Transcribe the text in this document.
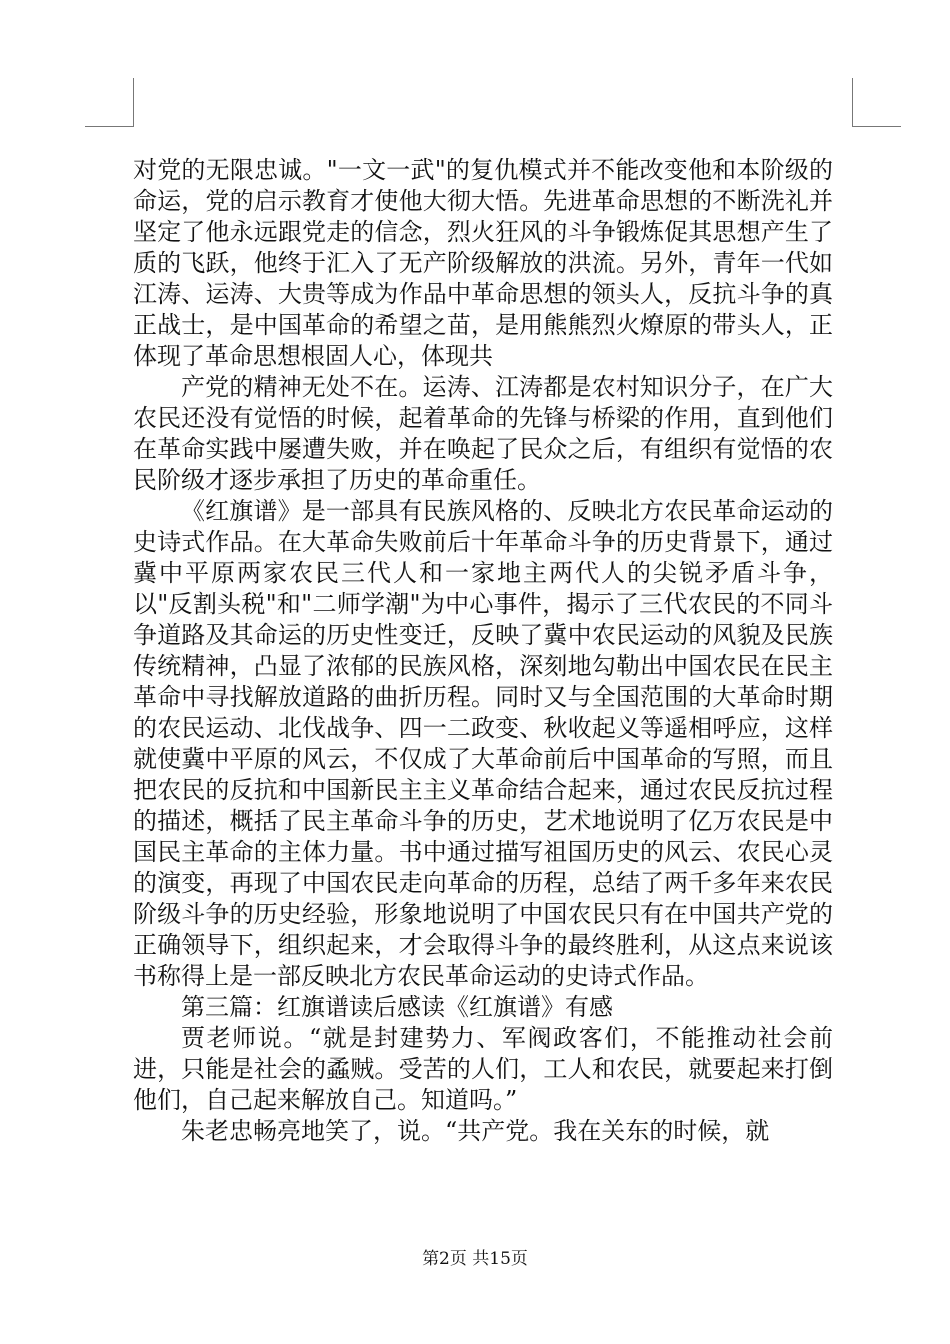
对党的无限忠诚。"一文一武"的复仇模式并不能改变他和本阶级的命运，党的启示教育才使他大彻大悟。先进革命思想的不断洗礼并坚定了他永远跟党走的信念，烈火狂风的斗争锻炼促其思想产生了质的飞跃，他终于汇入了无产阶级解放的洪流。另外，青年一代如江涛、运涛、大贵等成为作品中革命思想的领头人，反抗斗争的真正战士，是中国革命的希望之苗，是用熊熊烈火燎原的带头人，正体现了革命思想根固人心，体现共

产党的精神无处不在。运涛、江涛都是农村知识分子，在广大农民还没有觉悟的时候，起着革命的先锋与桥梁的作用，直到他们在革命实践中屡遭失败，并在唤起了民众之后，有组织有觉悟的农民阶级才逐步承担了历史的革命重任。

《红旗谱》是一部具有民族风格的、反映北方农民革命运动的史诗式作品。在大革命失败前后十年革命斗争的历史背景下，通过冀中平原两家农民三代人和一家地主两代人的尖锐矛盾斗争，以"反割头税"和"二师学潮"为中心事件，揭示了三代农民的不同斗争道路及其命运的历史性变迁，反映了冀中农民运动的风貌及民族传统精神，凸显了浓郁的民族风格，深刻地勾勒出中国农民在民主革命中寻找解放道路的曲折历程。同时又与全国范围的大革命时期的农民运动、北伐战争、四一二政变、秋收起义等遥相呼应，这样就使冀中平原的风云，不仅成了大革命前后中国革命的写照，而且把农民的反抗和中国新民主主义革命结合起来，通过农民反抗过程的描述，概括了民主革命斗争的历史，艺术地说明了亿万农民是中国民主革命的主体力量。书中通过描写祖国历史的风云、农民心灵的演变，再现了中国农民走向革命的历程，总结了两千多年来农民阶级斗争的历史经验，形象地说明了中国农民只有在中国共产党的正确领导下，组织起来，才会取得斗争的最终胜利，从这点来说该书称得上是一部反映北方农民革命运动的史诗式作品。

第三篇：红旗谱读后感读《红旗谱》有感

贾老师说。“就是封建势力、军阀政客们，不能推动社会前进，只能是社会的蟊贼。受苦的人们，工人和农民，就要起来打倒他们，自己起来解放自己。知道吗。”

朱老忠畅亮地笑了，说。“共产党。我在关东的时候，就

第2页 共15页
